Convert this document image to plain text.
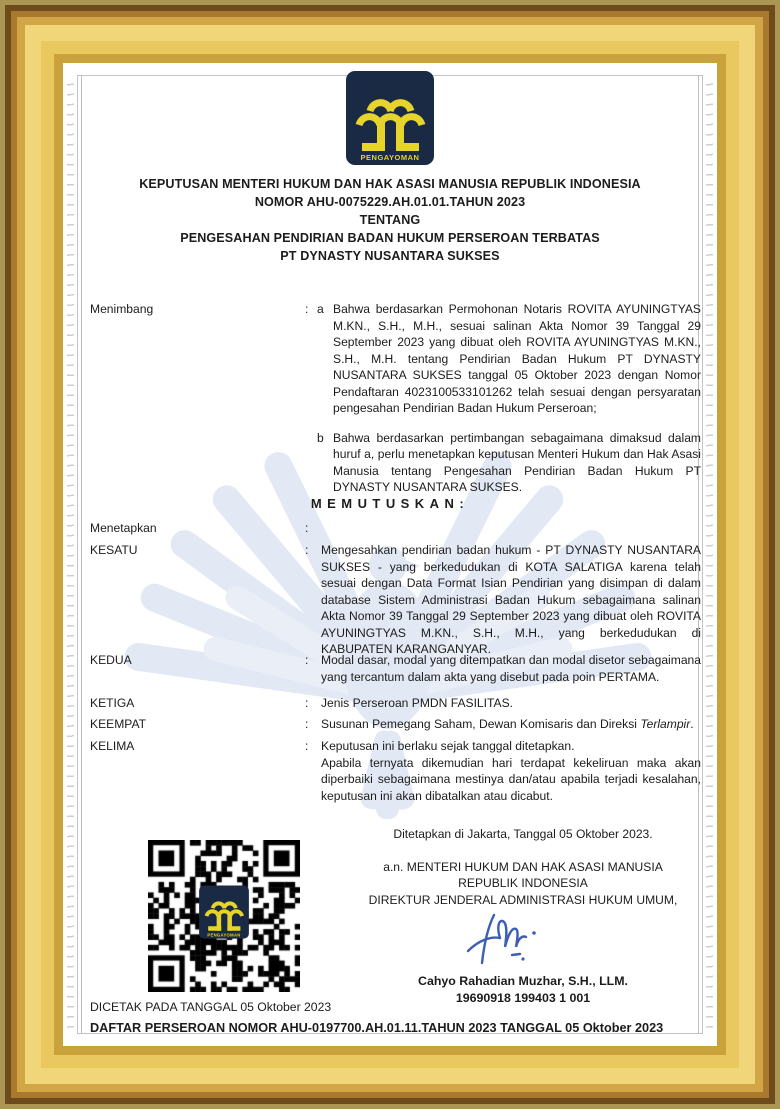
PENGAYOMAN
KEPUTUSAN MENTERI HUKUM DAN HAK ASASI MANUSIA REPUBLIK INDONESIA
NOMOR AHU-0075229.AH.01.01.TAHUN 2023
TENTANG
PENGESAHAN PENDIRIAN BADAN HUKUM PERSEROAN TERBATAS
PT DYNASTY NUSANTARA SUKSES
Menimbang	: a Bahwa berdasarkan Permohonan Notaris ROVITA AYUNINGTYAS M.KN., S.H., M.H., sesuai salinan Akta Nomor 39 Tanggal 29 September 2023 yang dibuat oleh ROVITA AYUNINGTYAS M.KN., S.H., M.H. tentang Pendirian Badan Hukum PT DYNASTY NUSANTARA SUKSES tanggal 05 Oktober 2023 dengan Nomor Pendaftaran 4023100533101262 telah sesuai dengan persyaratan pengesahan Pendirian Badan Hukum Perseroan;
b Bahwa berdasarkan pertimbangan sebagaimana dimaksud dalam huruf a, perlu menetapkan keputusan Menteri Hukum dan Hak Asasi Manusia tentang Pengesahan Pendirian Badan Hukum PT DYNASTY NUSANTARA SUKSES.
MEMUTUSKAN:
Menetapkan	:
KESATU	:	Mengesahkan pendirian badan hukum - PT DYNASTY NUSANTARA SUKSES - yang berkedudukan di KOTA SALATIGA karena telah sesuai dengan Data Format Isian Pendirian yang disimpan di dalam database Sistem Administrasi Badan Hukum sebagaimana salinan Akta Nomor 39 Tanggal 29 September 2023 yang dibuat oleh ROVITA AYUNINGTYAS M.KN., S.H., M.H., yang berkedudukan di KABUPATEN KARANGANYAR.
KEDUA	:	Modal dasar, modal yang ditempatkan dan modal disetor sebagaimana yang tercantum dalam akta yang disebut pada poin PERTAMA.
KETIGA	:	Jenis Perseroan PMDN FASILITAS.
KEEMPAT	:	Susunan Pemegang Saham, Dewan Komisaris dan Direksi Terlampir.
KELIMA	:	Keputusan ini berlaku sejak tanggal ditetapkan.

Apabila ternyata dikemudian hari terdapat kekeliruan maka akan diperbaiki sebagaimana mestinya dan/atau apabila terjadi kesalahan, keputusan ini akan dibatalkan atau dicabut.

Ditetapkan di Jakarta, Tanggal 05 Oktober 2023.
a.n. MENTERI HUKUM DAN HAK ASASI MANUSIA
REPUBLIK INDONESIA
DIREKTUR JENDERAL ADMINISTRASI HUKUM UMUM,
Cahyo Rahadian Muzhar, S.H., LLM.
19690918 199403 1 001
PENGAYOMAN
DICETAK PADA TANGGAL 05 Oktober 2023
DAFTAR PERSEROAN NOMOR AHU-0197700.AH.01.11.TAHUN 2023 TANGGAL 05 Oktober 2023
